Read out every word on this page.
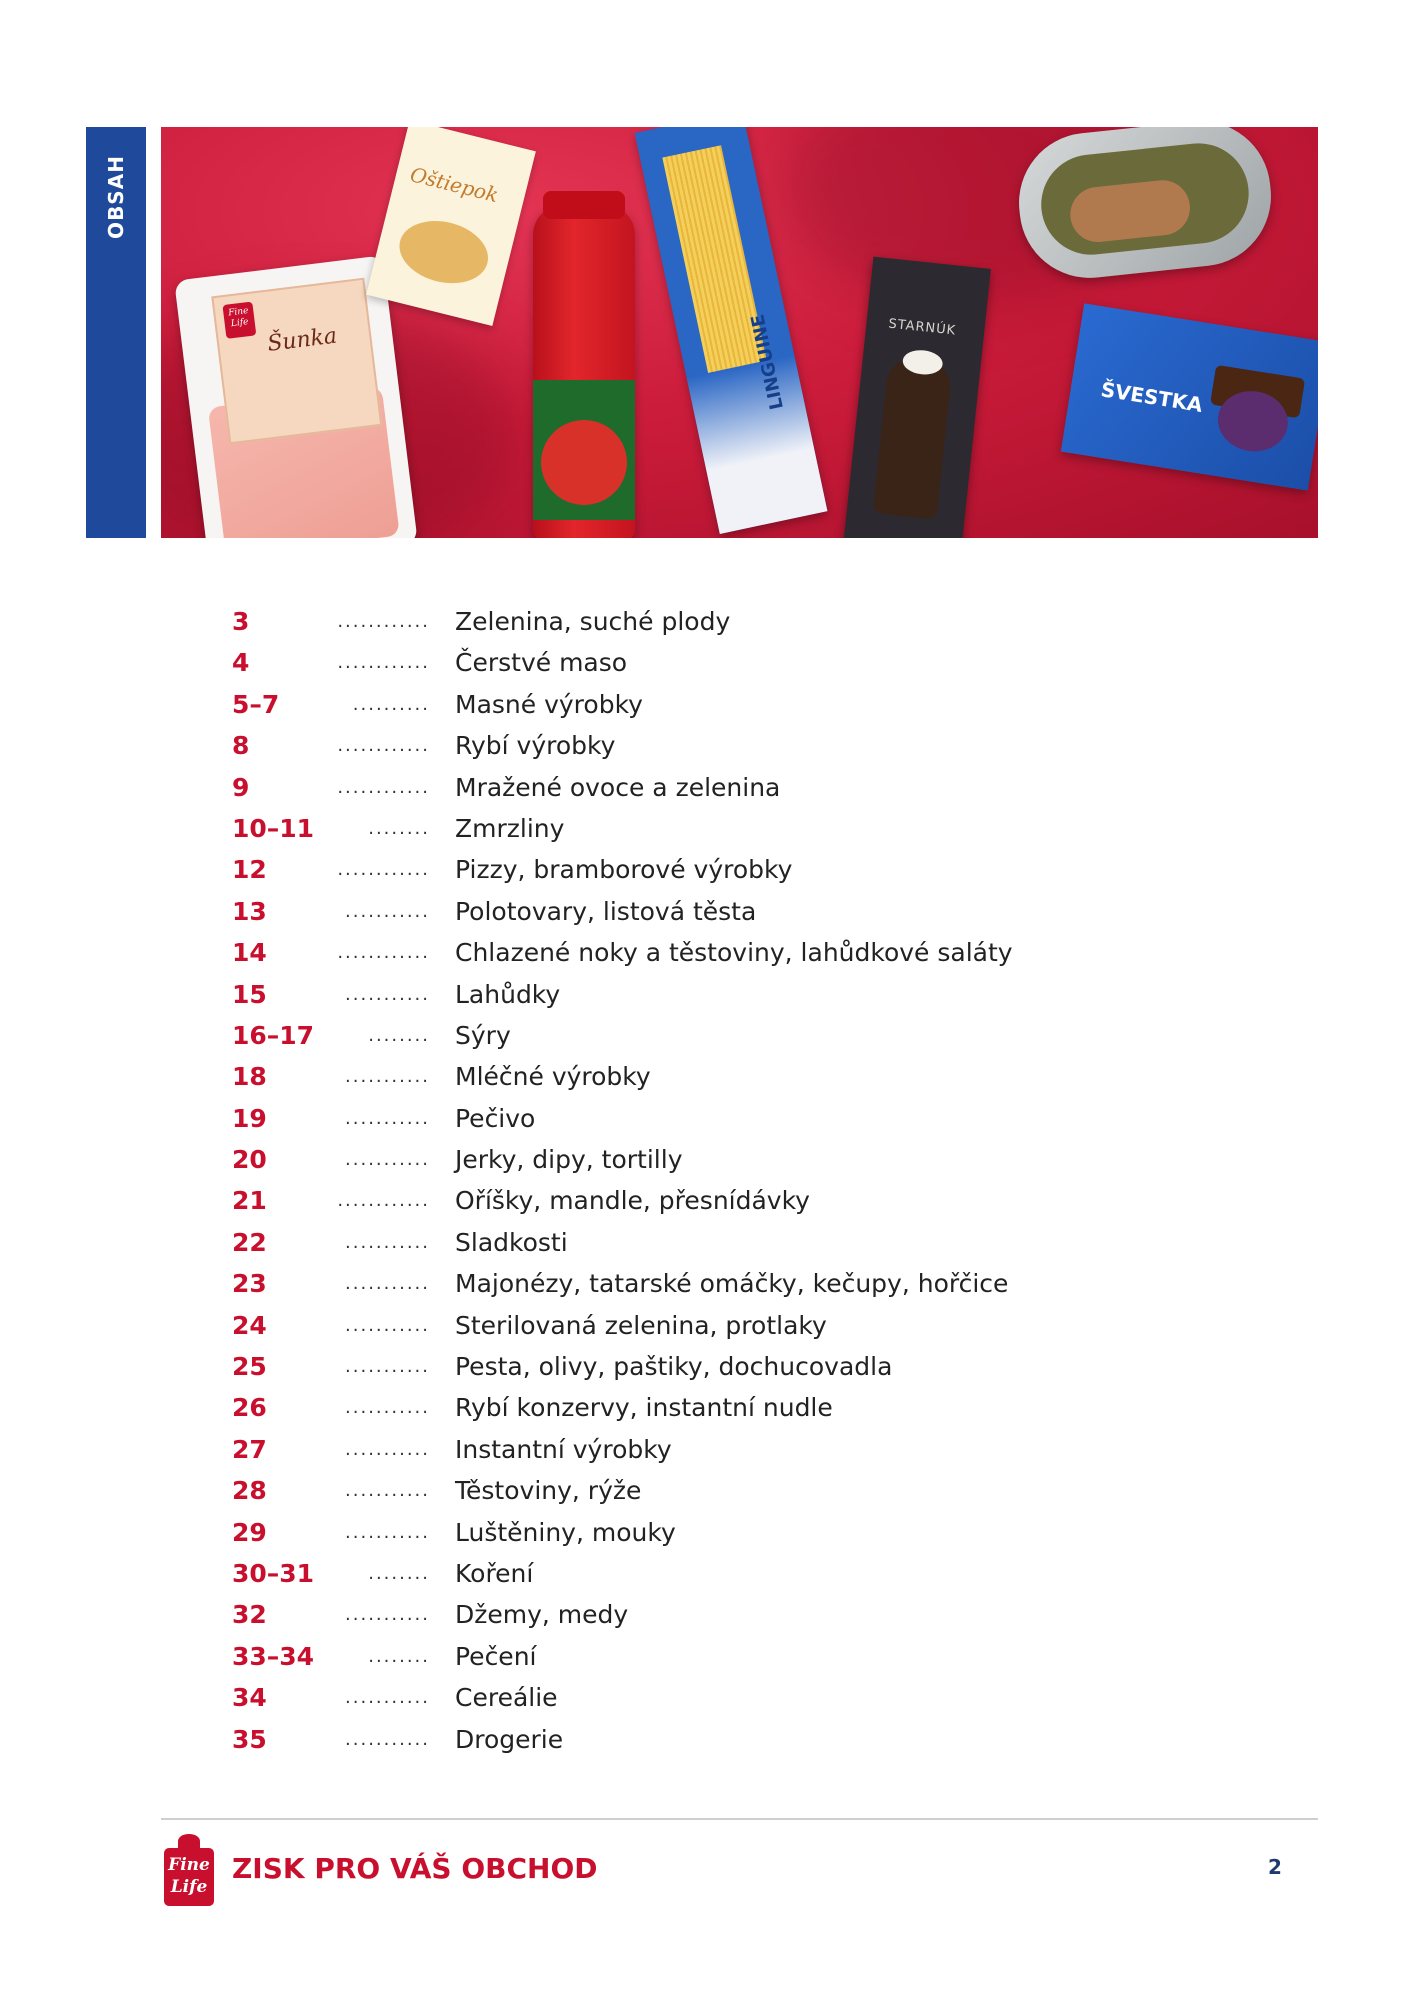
OBSAH
Fine Life
Šunka
Oštiepok
LINGUINE	STARNÚK
ŠVESTKA
3	............ Zelenina, suché plody
4	............ Čerstvé maso
5–7	.......... Masné výrobky
8	............ Rybí výrobky
9	............ Mražené ovoce a zelenina
10–11	........ Zmrzliny
12	............ Pizzy, bramborové výrobky
13	........... Polotovary, listová těsta
14	............ Chlazené noky a těstoviny, lahůdkové saláty
15	........... Lahůdky
16–17	........ Sýry
18	........... Mléčné výrobky
19	........... Pečivo
20	........... Jerky, dipy, tortilly
21	............ Oříšky, mandle, přesnídávky
22	........... Sladkosti
23	........... Majonézy, tatarské omáčky, kečupy, hořčice
24	........... Sterilovaná zelenina, protlaky
25	........... Pesta, olivy, paštiky, dochucovadla
26	........... Rybí konzervy, instantní nudle
27	........... Instantní výrobky
28	........... Těstoviny, rýže
29	........... Luštěniny, mouky
30–31	........ Koření
32	........... Džemy, medy
33–34	........ Pečení
34	........... Cereálie
35	........... Drogerie
Fine Life
ZISK PRO VÁŠ OBCHOD	2
